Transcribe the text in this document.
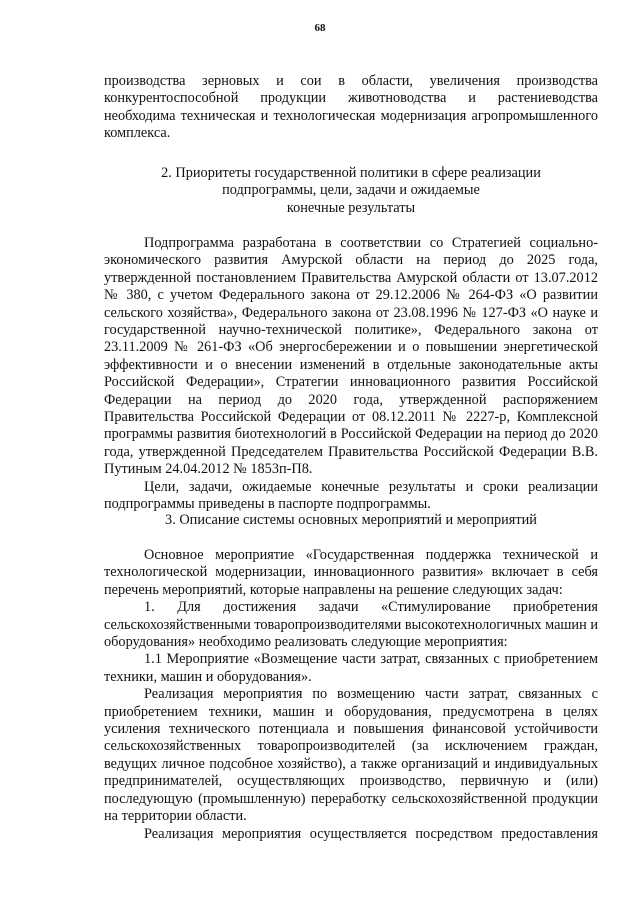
68

производства зерновых и сои в области, увеличения производства конкурентоспособной продукции животноводства и растениеводства необходима техническая и технологическая модернизация агропромышленного комплекса.

2. Приоритеты государственной политики в сфере реализации

подпрограммы, цели, задачи и ожидаемые

конечные результаты

Подпрограмма разработана в соответствии со Стратегией социально-экономического развития Амурской области на период до 2025 года, утвержденной постановлением Правительства Амурской области от 13.07.2012 № 380, с учетом Федерального закона от 29.12.2006 № 264-ФЗ «О развитии сельского хозяйства», Федерального закона от 23.08.1996 № 127-ФЗ «О науке и государственной научно-технической политике», Федерального закона от 23.11.2009 № 261-ФЗ «Об энергосбережении и о повышении энергетической эффективности и о внесении изменений в отдельные законодательные акты Российской Федерации», Стратегии инновационного развития Российской Федерации на период до 2020 года, утвержденной распоряжением Правительства Российской Федерации от 08.12.2011 № 2227-р, Комплексной программы развития биотехнологий в Российской Федерации на период до 2020 года, утвержденной Председателем Правительства Российской Федерации В.В. Путиным 24.04.2012 № 1853п-П8.

Цели, задачи, ожидаемые конечные результаты и сроки реализации подпрограммы приведены в паспорте подпрограммы.

3. Описание системы основных мероприятий и мероприятий

Основное мероприятие «Государственная поддержка технической и технологической модернизации, инновационного развития» включает в себя перечень мероприятий, которые направлены на решение следующих задач:

1. Для достижения задачи «Стимулирование приобретения сельскохозяйственными товаропроизводителями высокотехнологичных машин и оборудования» необходимо реализовать следующие мероприятия:

1.1 Мероприятие «Возмещение части затрат, связанных с приобретением техники, машин и оборудования».

Реализация мероприятия по возмещению части затрат, связанных с приобретением техники, машин и оборудования, предусмотрена в целях усиления технического потенциала и повышения финансовой устойчивости сельскохозяйственных товаропроизводителей (за исключением граждан, ведущих личное подсобное хозяйство), а также организаций и индивидуальных предпринимателей, осуществляющих производство, первичную и (или) последующую (промышленную) переработку сельскохозяйственной продукции на территории области.

Реализация мероприятия осуществляется посредством предоставления
